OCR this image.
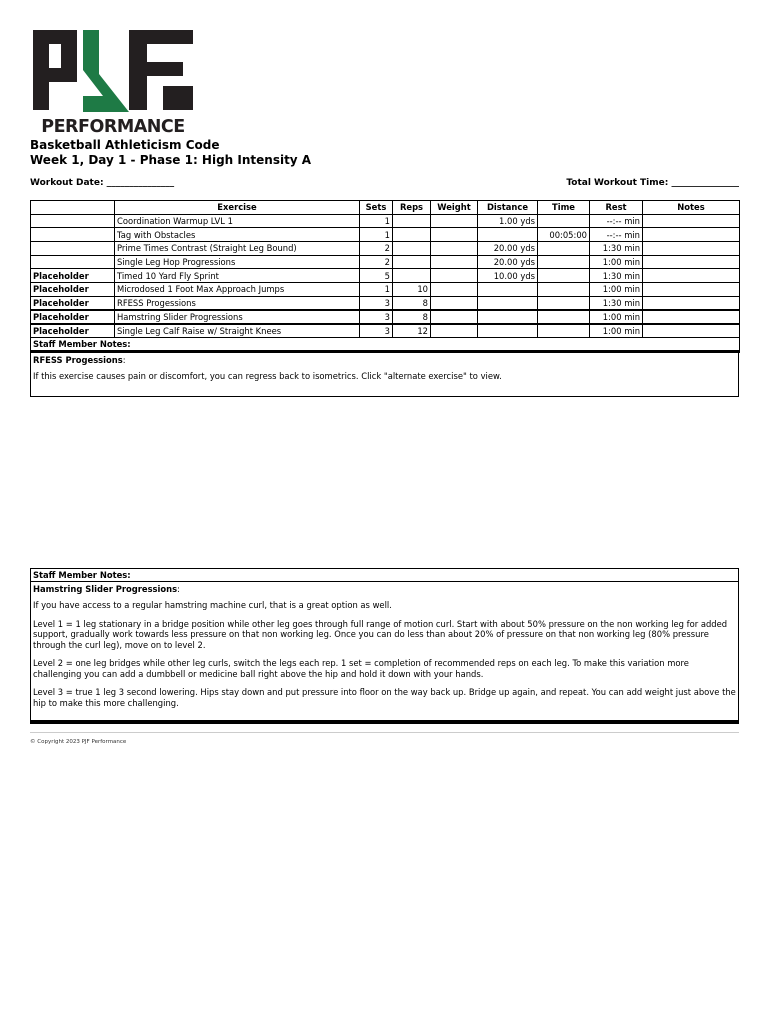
PERFORMANCE
Basketball Athleticism Code
Week 1, Day 1 - Phase 1: High Intensity A
Workout Date: _______________	Total Workout Time: _______________
	Exercise	Sets	Reps	Weight	Distance	Time	Rest	Notes
	Coordination Warmup LVL 1	1			1.00 yds		--:-- min	
	Tag with Obstacles	1				00:05:00	--:-- min	
	Prime Times Contrast (Straight Leg Bound)	2			20.00 yds		1:30 min	
	Single Leg Hop Progressions	2			20.00 yds		1:00 min	
Placeholder	Timed 10 Yard Fly Sprint	5			10.00 yds		1:30 min	
Placeholder	Microdosed 1 Foot Max Approach Jumps	1	10				1:00 min	
Placeholder	RFESS Progessions	3	8				1:30 min	
Placeholder	Hamstring Slider Progressions	3	8				1:00 min	
Placeholder	Single Leg Calf Raise w/ Straight Knees	3	12				1:00 min	
Staff Member Notes:								
RFESS Progessions:

If this exercise causes pain or discomfort, you can regress back to isometrics. Click "alternate exercise" to view.

Staff Member Notes:
Hamstring Slider Progressions:

If you have access to a regular hamstring machine curl, that is a great option as well.

Level 1 = 1 leg stationary in a bridge position while other leg goes through full range of motion curl. Start with about 50% pressure on the non working leg for added support, gradually work towards less pressure on that non working leg. Once you can do less than about 20% of pressure on that non working leg (80% pressure through the curl leg), move on to level 2.

Level 2 = one leg bridges while other leg curls, switch the legs each rep. 1 set = completion of recommended reps on each leg. To make this variation more challenging you can add a dumbbell or medicine ball right above the hip and hold it down with your hands.

Level 3 = true 1 leg 3 second lowering. Hips stay down and put pressure into floor on the way back up. Bridge up again, and repeat. You can add weight just above the hip to make this more challenging.

© Copyright 2023 PJF Performance
